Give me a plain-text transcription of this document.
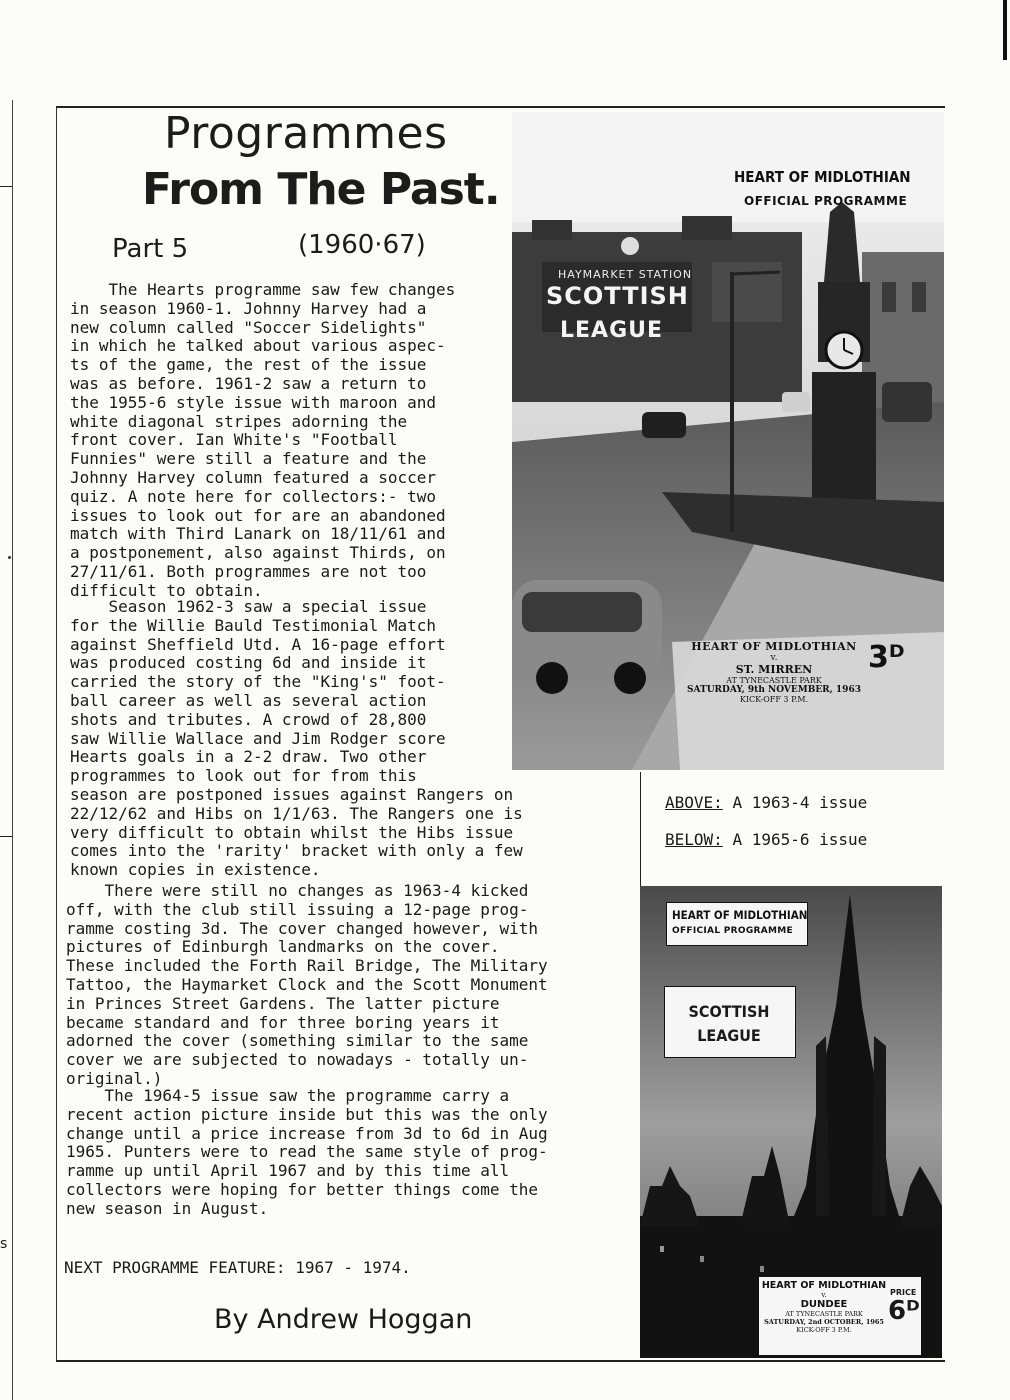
s
Programmes
From The Past.
Part 5	(1960·67)
The Hearts programme saw few changes
in season 1960-1. Johnny Harvey had a
new column called "Soccer Sidelights"
in which he talked about various aspec-
ts of the game, the rest of the issue
was as before. 1961-2 saw a return to
the 1955-6 style issue with maroon and
white diagonal stripes adorning the
front cover. Ian White's "Football
Funnies" were still a feature and the
Johnny Harvey column featured a soccer
quiz. A note here for collectors:- two
issues to look out for are an abandoned
match with Third Lanark on 18/11/61 and
a postponement, also against Thirds, on
27/11/61. Both programmes are not too
difficult to obtain.
Season 1962-3 saw a special issue
for the Willie Bauld Testimonial Match
against Sheffield Utd. A 16-page effort
was produced costing 6d and inside it
carried the story of the "King's" foot-
ball career as well as several action
shots and tributes. A crowd of 28,800
saw Willie Wallace and Jim Rodger score
Hearts goals in a 2-2 draw. Two other
programmes to look out for from this
season are postponed issues against Rangers on
22/12/62 and Hibs on 1/1/63. The Rangers one is
very difficult to obtain whilst the Hibs issue
comes into the 'rarity' bracket with only a few
known copies in existence.
There were still no changes as 1963-4 kicked
off, with the club still issuing a 12-page prog-
ramme costing 3d. The cover changed however, with
pictures of Edinburgh landmarks on the cover.
These included the Forth Rail Bridge, The Military
Tattoo, the Haymarket Clock and the Scott Monument
in Princes Street Gardens. The latter picture
became standard and for three boring years it
adorned the cover (something similar to the same
cover we are subjected to nowadays - totally un-
original.)
The 1964-5 issue saw the programme carry a
recent action picture inside but this was the only
change until a price increase from 3d to 6d in Aug
1965. Punters were to read the same style of prog-
ramme up until April 1967 and by this time all
collectors were hoping for better things come the
new season in August.
NEXT PROGRAMME FEATURE: 1967 - 1974.
By Andrew Hoggan
ABOVE: A 1963-4 issue
BELOW: A 1965-6 issue
HEART OF MIDLOTHIAN
OFFICIAL PROGRAMME
HAYMARKET STATION
SCOTTISH
LEAGUE
HEART OF MIDLOTHIAN
v.
ST. MIRREN
AT TYNECASTLE PARK
SATURDAY, 9th NOVEMBER, 1963
KICK-OFF 3 P.M.
3ᴰ
HEART OF MIDLOTHIAN
OFFICIAL PROGRAMME
SCOTTISH
LEAGUE
HEART OF MIDLOTHIAN
v.
DUNDEE
AT TYNECASTLE PARK
SATURDAY, 2nd OCTOBER, 1965
KICK-OFF 3 P.M.
PRICE
6ᴰ
